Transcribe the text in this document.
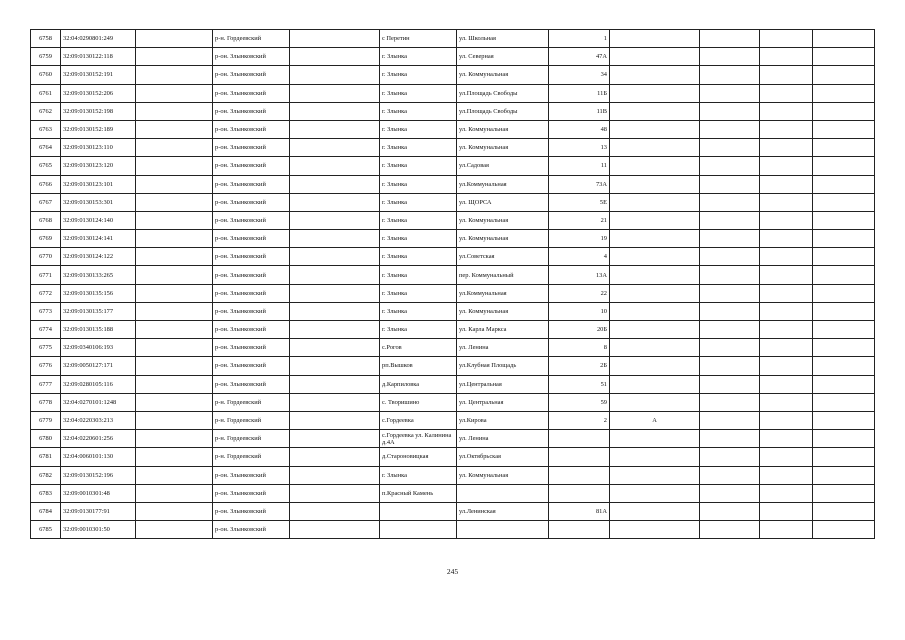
6758	32:04:0290801:249		р-н. Гордеевский		с Перетин	ул. Школьная	1				
6759	32:09:0130122:118		р-он. Злынковский		г. Злынка	ул. Северная	47А				
6760	32:09:0130152:191		р-он. Злынковский		г. Злынка	ул. Коммунальная	34				
6761	32:09:0130152:206		р-он. Злынковский		г. Злынка	ул.Площадь Свободы	11Б				
6762	32:09:0130152:198		р-он. Злынковский		г. Злынка	ул.Площадь Свободы	11В				
6763	32:09:0130152:189		р-он. Злынковский		г. Злынка	ул. Коммунальная	48				
6764	32:09:0130123:110		р-он. Злынковский		г. Злынка	ул. Коммунальная	13				
6765	32:09:0130123:120		р-он. Злынковский		г. Злынка	ул.Садовая	11				
6766	32:09:0130123:101		р-он. Злынковский		г. Злынка	ул.Коммунальная	73А				
6767	32:09:0130153:301		р-он. Злынковский		г. Злынка	ул. ЩОРСА	5Е				
6768	32:09:0130124:140		р-он. Злынковский		г. Злынка	ул. Коммунальная	21				
6769	32:09:0130124:141		р-он. Злынковский		г. Злынка	ул. Коммунальная	19				
6770	32:09:0130124:122		р-он. Злынковский		г. Злынка	ул.Советская	4				
6771	32:09:0130133:265		р-он. Злынковский		г. Злынка	пер. Коммунальный	13А				
6772	32:09:0130135:156		р-он. Злынковский		г. Злынка	ул.Коммунальная	22				
6773	32:09:0130135:177		р-он. Злынковский		г. Злынка	ул. Коммунальная	10				
6774	32:09:0130135:188		р-он. Злынковский		г. Злынка	ул. Карла Маркса	20Б				
6775	32:09:0340106:193		р-он. Злынковский		с.Рогов	ул. Ленина	8				
6776	32:09:0050127:171		р-он. Злынковский		рп.Вышков	ул.Клубная Площадь	2Б				
6777	32:09:0280105:116		р-он. Злынковский		д.Карпиловка	ул.Центральная	51				
6778	32:04:0270101:1248		р-н. Гордеевский		с. Творишино	ул. Центральная	59				
6779	32:04:0220303:213		р-н. Гордеевский		с.Гордеевка	ул.Кирова	2	А			
6780	32:04:0220601:256		р-н. Гордеевский		с.Гордеевка ул. Калинина д.4А	ул. Ленина					
6781	32:04:0060101:130		р-н. Гордеевский		д.Староновицкая	ул.Октябрьская					
6782	32:09:0130152:196		р-он. Злынковский		г. Злынка	ул. Коммунальная					
6783	32:09:0010301:48		р-он. Злынковский		п.Красный Камень						
6784	32:09:0130177:91		р-он. Злынковский			ул.Ленинская	81А				
6785	32:09:0010301:50		р-он. Злынковский								
245
